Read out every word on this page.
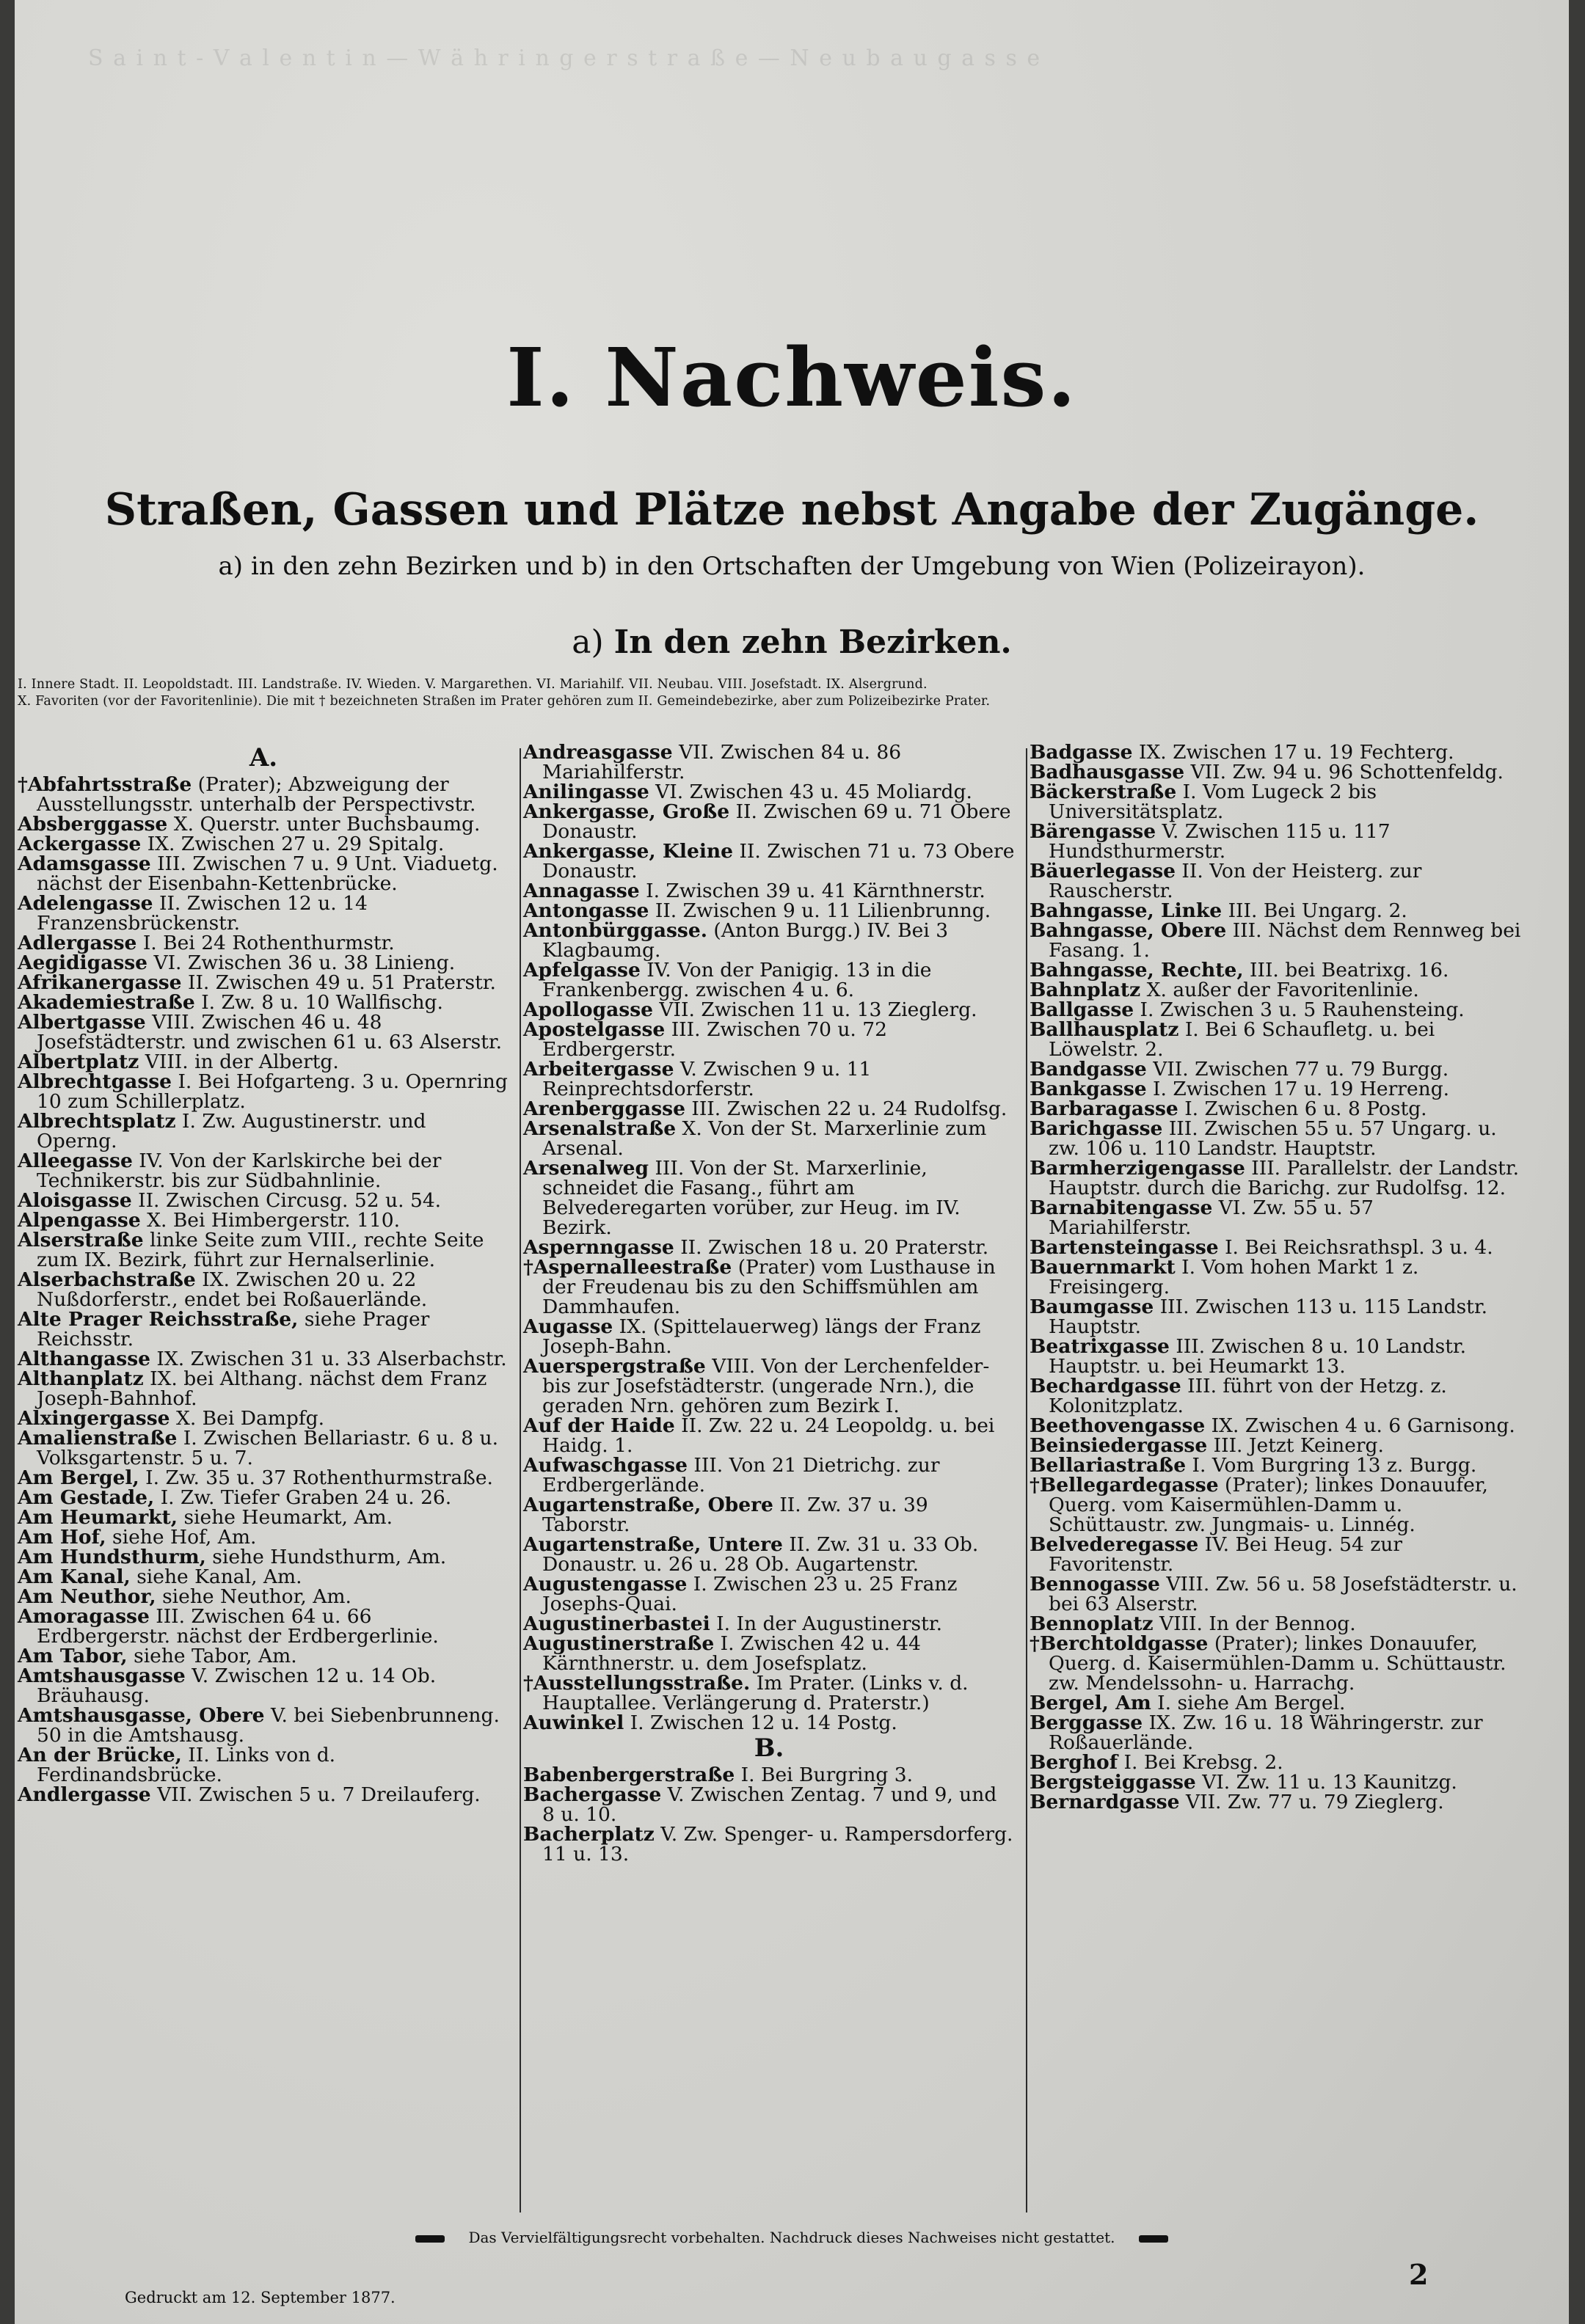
S a i n t - V a l e n t i n — W ä h r i n g e r s t r a ß e — N e u b a u g a s s e
I. Nachweis.
Straßen, Gassen und Plätze nebst Angabe der Zugänge.
a) in den zehn Bezirken und b) in den Ortschaften der Umgebung von Wien (Polizeirayon).
a) In den zehn Bezirken.
I. Innere Stadt. II. Leopoldstadt. III. Landstraße. IV. Wieden. V. Margarethen. VI. Mariahilf. VII. Neubau. VIII. Josefstadt. IX. Alsergrund.
X. Favoriten (vor der Favoritenlinie). Die mit † bezeichneten Straßen im Prater gehören zum II. Gemeindebezirke, aber zum Polizeibezirke Prater.
A.
†Abfahrtsstraße (Prater); Abzweigung der Ausstellungsstr. unterhalb der Perspectivstr.
Absberggasse X. Querstr. unter Buchsbaumg.
Ackergasse IX. Zwischen 27 u. 29 Spitalg.
Adamsgasse III. Zwischen 7 u. 9 Unt. Viaduetg. nächst der Eisenbahn-Kettenbrücke.
Adelengasse II. Zwischen 12 u. 14 Franzensbrückenstr.
Adlergasse I. Bei 24 Rothenthurmstr.
Aegidigasse VI. Zwischen 36 u. 38 Linieng.
Afrikanergasse II. Zwischen 49 u. 51 Praterstr.
Akademiestraße I. Zw. 8 u. 10 Wallfischg.
Albertgasse VIII. Zwischen 46 u. 48 Josefstädterstr. und zwischen 61 u. 63 Alserstr.
Albertplatz VIII. in der Albertg.
Albrechtgasse I. Bei Hofgarteng. 3 u. Opernring 10 zum Schillerplatz.
Albrechtsplatz I. Zw. Augustinerstr. und Operng.
Alleegasse IV. Von der Karlskirche bei der Technikerstr. bis zur Südbahnlinie.
Aloisgasse II. Zwischen Circusg. 52 u. 54.
Alpengasse X. Bei Himbergerstr. 110.
Alserstraße linke Seite zum VIII., rechte Seite zum IX. Bezirk, führt zur Hernalserlinie.
Alserbachstraße IX. Zwischen 20 u. 22 Nußdorferstr., endet bei Roßauerlände.
Alte Prager Reichsstraße, siehe Prager Reichsstr.
Althangasse IX. Zwischen 31 u. 33 Alserbachstr.
Althanplatz IX. bei Althang. nächst dem Franz Joseph-Bahnhof.
Alxingergasse X. Bei Dampfg.
Amalienstraße I. Zwischen Bellariastr. 6 u. 8 u. Volksgartenstr. 5 u. 7.
Am Bergel, I. Zw. 35 u. 37 Rothenthurmstraße.
Am Gestade, I. Zw. Tiefer Graben 24 u. 26.
Am Heumarkt, siehe Heumarkt, Am.
Am Hof, siehe Hof, Am.
Am Hundsthurm, siehe Hundsthurm, Am.
Am Kanal, siehe Kanal, Am.
Am Neuthor, siehe Neuthor, Am.
Amoragasse III. Zwischen 64 u. 66 Erdbergerstr. nächst der Erdbergerlinie.
Am Tabor, siehe Tabor, Am.
Amtshausgasse V. Zwischen 12 u. 14 Ob. Bräuhausg.
Amtshausgasse, Obere V. bei Siebenbrunneng. 50 in die Amtshausg.
An der Brücke, II. Links von d. Ferdinandsbrücke.
Andlergasse VII. Zwischen 5 u. 7 Dreilauferg.
Andreasgasse VII. Zwischen 84 u. 86 Mariahilferstr.
Anilingasse VI. Zwischen 43 u. 45 Moliardg.
Ankergasse, Große II. Zwischen 69 u. 71 Obere Donaustr.
Ankergasse, Kleine II. Zwischen 71 u. 73 Obere Donaustr.
Annagasse I. Zwischen 39 u. 41 Kärnthnerstr.
Antongasse II. Zwischen 9 u. 11 Lilienbrunng.
Antonbürggasse. (Anton Burgg.) IV. Bei 3 Klagbaumg.
Apfelgasse IV. Von der Panigig. 13 in die Frankenbergg. zwischen 4 u. 6.
Apollogasse VII. Zwischen 11 u. 13 Zieglerg.
Apostelgasse III. Zwischen 70 u. 72 Erdbergerstr.
Arbeitergasse V. Zwischen 9 u. 11 Reinprechtsdorferstr.
Arenberggasse III. Zwischen 22 u. 24 Rudolfsg.
Arsenalstraße X. Von der St. Marxerlinie zum Arsenal.
Arsenalweg III. Von der St. Marxerlinie, schneidet die Fasang., führt am Belvederegarten vorüber, zur Heug. im IV. Bezirk.
Aspernngasse II. Zwischen 18 u. 20 Praterstr.
†Aspernalleestraße (Prater) vom Lusthause in der Freudenau bis zu den Schiffsmühlen am Dammhaufen.
Augasse IX. (Spittelauerweg) längs der Franz Joseph-Bahn.
Auerspergstraße VIII. Von der Lerchenfelder- bis zur Josefstädterstr. (ungerade Nrn.), die geraden Nrn. gehören zum Bezirk I.
Auf der Haide II. Zw. 22 u. 24 Leopoldg. u. bei Haidg. 1.
Aufwaschgasse III. Von 21 Dietrichg. zur Erdbergerlände.
Augartenstraße, Obere II. Zw. 37 u. 39 Taborstr.
Augartenstraße, Untere II. Zw. 31 u. 33 Ob. Donaustr. u. 26 u. 28 Ob. Augartenstr.
Augustengasse I. Zwischen 23 u. 25 Franz Josephs-Quai.
Augustinerbastei I. In der Augustinerstr.
Augustinerstraße I. Zwischen 42 u. 44 Kärnthnerstr. u. dem Josefsplatz.
†Ausstellungsstraße. Im Prater. (Links v. d. Hauptallee. Verlängerung d. Praterstr.)
Auwinkel I. Zwischen 12 u. 14 Postg.
B.
Babenbergerstraße I. Bei Burgring 3.
Bachergasse V. Zwischen Zentag. 7 und 9, und 8 u. 10.
Bacherplatz V. Zw. Spenger- u. Rampersdorferg. 11 u. 13.
Badgasse IX. Zwischen 17 u. 19 Fechterg.
Badhausgasse VII. Zw. 94 u. 96 Schottenfeldg.
Bäckerstraße I. Vom Lugeck 2 bis Universitätsplatz.
Bärengasse V. Zwischen 115 u. 117 Hundsthurmerstr.
Bäuerlegasse II. Von der Heisterg. zur Rauscherstr.
Bahngasse, Linke III. Bei Ungarg. 2.
Bahngasse, Obere III. Nächst dem Rennweg bei Fasang. 1.
Bahngasse, Rechte, III. bei Beatrixg. 16.
Bahnplatz X. außer der Favoritenlinie.
Ballgasse I. Zwischen 3 u. 5 Rauhensteing.
Ballhausplatz I. Bei 6 Schaufletg. u. bei Löwelstr. 2.
Bandgasse VII. Zwischen 77 u. 79 Burgg.
Bankgasse I. Zwischen 17 u. 19 Herreng.
Barbaragasse I. Zwischen 6 u. 8 Postg.
Barichgasse III. Zwischen 55 u. 57 Ungarg. u. zw. 106 u. 110 Landstr. Hauptstr.
Barmherzigengasse III. Parallelstr. der Landstr. Hauptstr. durch die Barichg. zur Rudolfsg. 12.
Barnabitengasse VI. Zw. 55 u. 57 Mariahilferstr.
Bartensteingasse I. Bei Reichsrathspl. 3 u. 4.
Bauernmarkt I. Vom hohen Markt 1 z. Freisingerg.
Baumgasse III. Zwischen 113 u. 115 Landstr. Hauptstr.
Beatrixgasse III. Zwischen 8 u. 10 Landstr. Hauptstr. u. bei Heumarkt 13.
Bechardgasse III. führt von der Hetzg. z. Kolonitzplatz.
Beethovengasse IX. Zwischen 4 u. 6 Garnisong.
Beinsiedergasse III. Jetzt Keinerg.
Bellariastraße I. Vom Burgring 13 z. Burgg.
†Bellegardegasse (Prater); linkes Donauufer, Querg. vom Kaisermühlen-Damm u. Schüttaustr. zw. Jungmais- u. Linnég.
Belvederegasse IV. Bei Heug. 54 zur Favoritenstr.
Bennogasse VIII. Zw. 56 u. 58 Josefstädterstr. u. bei 63 Alserstr.
Bennoplatz VIII. In der Bennog.
†Berchtoldgasse (Prater); linkes Donauufer, Querg. d. Kaisermühlen-Damm u. Schüttaustr. zw. Mendelssohn- u. Harrachg.
Bergel, Am I. siehe Am Bergel.
Berggasse IX. Zw. 16 u. 18 Währingerstr. zur Roßauerlände.
Berghof I. Bei Krebsg. 2.
Bergsteiggasse VI. Zw. 11 u. 13 Kaunitzg.
Bernardgasse VII. Zw. 77 u. 79 Zieglerg.
Das Vervielfältigungsrecht vorbehalten. Nachdruck dieses Nachweises nicht gestattet.
Gedruckt am 12. September 1877.
2
